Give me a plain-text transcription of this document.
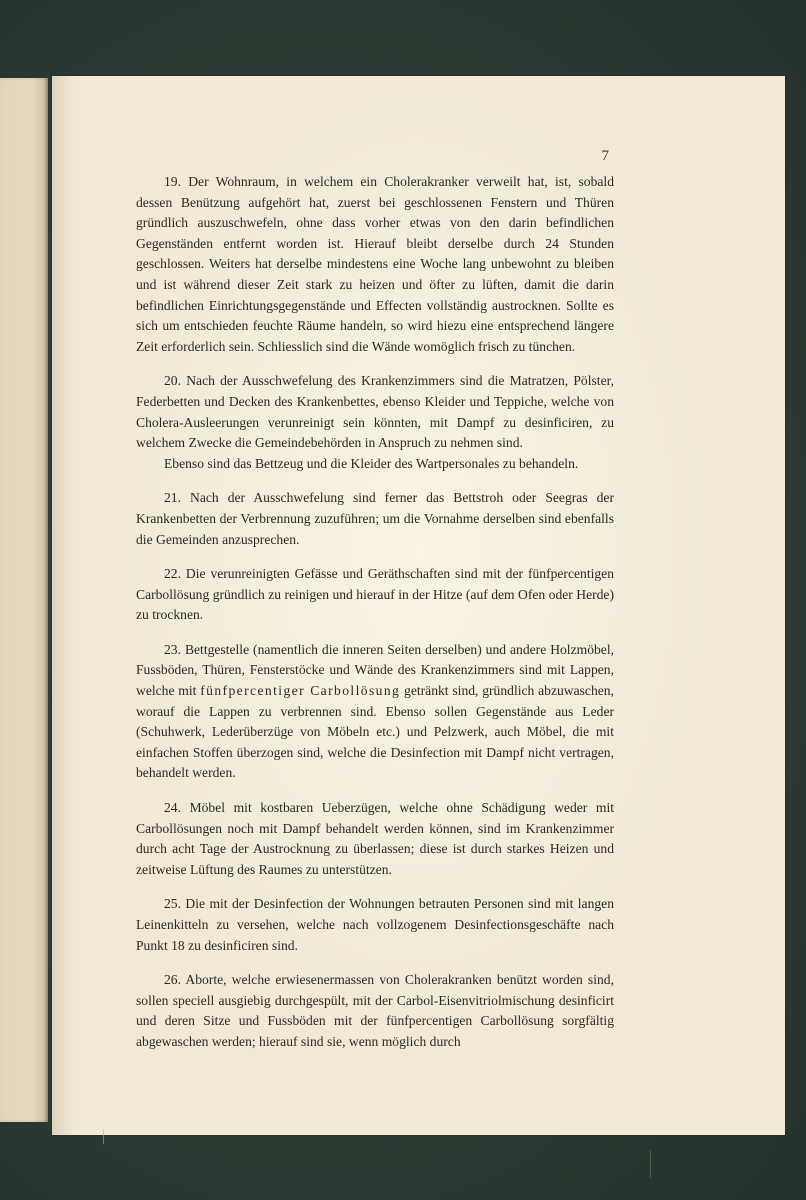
7

19. Der Wohnraum, in welchem ein Cholerakranker verweilt hat, ist, sobald dessen Benützung aufgehört hat, zuerst bei geschlossenen Fenstern und Thüren gründlich auszuschwefeln, ohne dass vorher etwas von den darin befindlichen Gegenständen entfernt worden ist. Hierauf bleibt derselbe durch 24 Stunden geschlossen. Weiters hat derselbe mindestens eine Woche lang unbewohnt zu bleiben und ist während dieser Zeit stark zu heizen und öfter zu lüften, damit die darin befindlichen Einrichtungsgegenstände und Effecten vollständig austrocknen. Sollte es sich um entschieden feuchte Räume handeln, so wird hiezu eine entsprechend längere Zeit erforderlich sein. Schliesslich sind die Wände womöglich frisch zu tünchen.

20. Nach der Ausschwefelung des Krankenzimmers sind die Matratzen, Pölster, Federbetten und Decken des Krankenbettes, ebenso Kleider und Teppiche, welche von Cholera-Ausleerungen verunreinigt sein könnten, mit Dampf zu desinficiren, zu welchem Zwecke die Gemeindebehörden in Anspruch zu nehmen sind.

Ebenso sind das Bettzeug und die Kleider des Wartpersonales zu behandeln.

21. Nach der Ausschwefelung sind ferner das Bettstroh oder Seegras der Krankenbetten der Verbrennung zuzuführen; um die Vornahme derselben sind ebenfalls die Gemeinden anzusprechen.

22. Die verunreinigten Gefässe und Geräthschaften sind mit der fünfpercentigen Carbollösung gründlich zu reinigen und hierauf in der Hitze (auf dem Ofen oder Herde) zu trocknen.

23. Bettgestelle (namentlich die inneren Seiten derselben) und andere Holzmöbel, Fussböden, Thüren, Fensterstöcke und Wände des Krankenzimmers sind mit Lappen, welche mit fünfpercentiger Carbollösung getränkt sind, gründlich abzuwaschen, worauf die Lappen zu verbrennen sind. Ebenso sollen Gegenstände aus Leder (Schuhwerk, Lederüberzüge von Möbeln etc.) und Pelzwerk, auch Möbel, die mit einfachen Stoffen überzogen sind, welche die Desinfection mit Dampf nicht vertragen, behandelt werden.

24. Möbel mit kostbaren Ueberzügen, welche ohne Schädigung weder mit Carbollösungen noch mit Dampf behandelt werden können, sind im Krankenzimmer durch acht Tage der Austrocknung zu überlassen; diese ist durch starkes Heizen und zeitweise Lüftung des Raumes zu unterstützen.

25. Die mit der Desinfection der Wohnungen betrauten Personen sind mit langen Leinenkitteln zu versehen, welche nach vollzogenem Desinfectionsgeschäfte nach Punkt 18 zu desinficiren sind.

26. Aborte, welche erwiesenermassen von Cholerakranken benützt worden sind, sollen speciell ausgiebig durchgespült, mit der Carbol-Eisenvitriolmischung desinficirt und deren Sitze und Fussböden mit der fünfpercentigen Carbollösung sorgfältig abgewaschen werden; hierauf sind sie, wenn möglich durch
